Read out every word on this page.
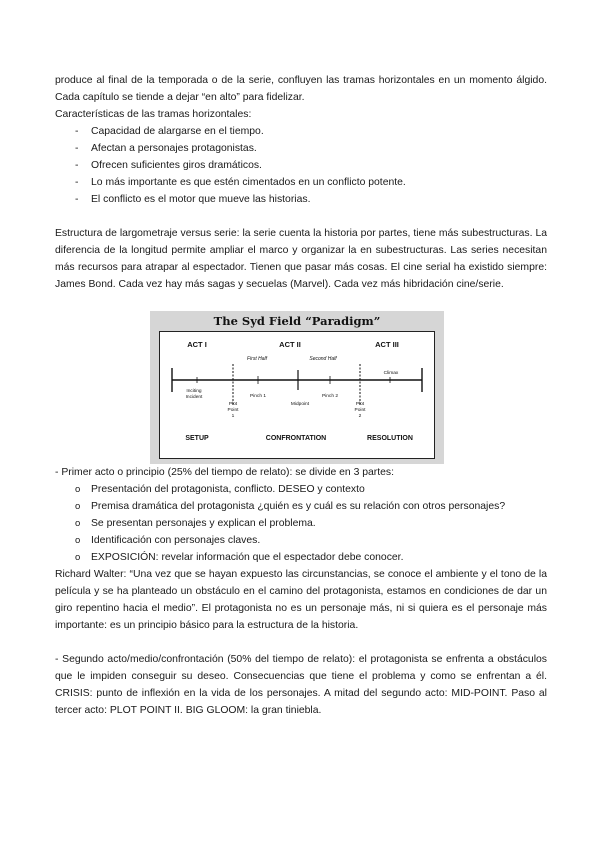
produce al final de la temporada o de la serie, confluyen las tramas horizontales en un momento álgido. Cada capítulo se tiende a dejar “en alto” para fidelizar.

Características de las tramas horizontales:
- Capacidad de alargarse en el tiempo.
- Afectan a personajes protagonistas.
- Ofrecen suficientes giros dramáticos.
- Lo más importante es que estén cimentados en un conflicto potente.
- El conflicto es el motor que mueve las historias.

Estructura de largometraje versus serie: la serie cuenta la historia por partes, tiene más subestructuras. La diferencia de la longitud permite ampliar el marco y organizar la en subestructuras. Las series necesitan más recursos para atrapar al espectador. Tienen que pasar más cosas. El cine serial ha existido siempre: James Bond. Cada vez hay más sagas y secuelas (Marvel). Cada vez más hibridación cine/serie.

- Primer acto o principio (25% del tiempo de relato): se divide en 3 partes:
o Presentación del protagonista, conflicto. DESEO y contexto
o Premisa dramática del protagonista ¿quién es y cuál es su relación con otros personajes?
o Se presentan personajes y explican el problema.
o Identificación con personajes claves.
o EXPOSICIÓN: revelar información que el espectador debe conocer.

Richard Walter: “Una vez que se hayan expuesto las circunstancias, se conoce el ambiente y el tono de la película y se ha planteado un obstáculo en el camino del protagonista, estamos en condiciones de dar un giro repentino hacia el medio”. El protagonista no es un personaje más, ni si quiera es el personaje más importante: es un principio básico para la estructura de la historia.

- Segundo acto/medio/confrontación (50% del tiempo de relato): el protagonista se enfrenta a obstáculos que le impiden conseguir su deseo. Consecuencias que tiene el problema y como se enfrentan a él. CRISIS: punto de inflexión en la vida de los personajes. A mitad del segundo acto: MID-POINT. Paso al tercer acto: PLOT POINT II. BIG GLOOM: la gran tiniebla.

The Syd Field “Paradigm”
ACT I	ACT II	ACT III
First Half	Second Half
Inciting
Incident
Plot
Point
1
Pinch 1
Midpoint
Pinch 2
Plot
Point
2
Climax
SETUP	CONFRONTATION	RESOLUTION
